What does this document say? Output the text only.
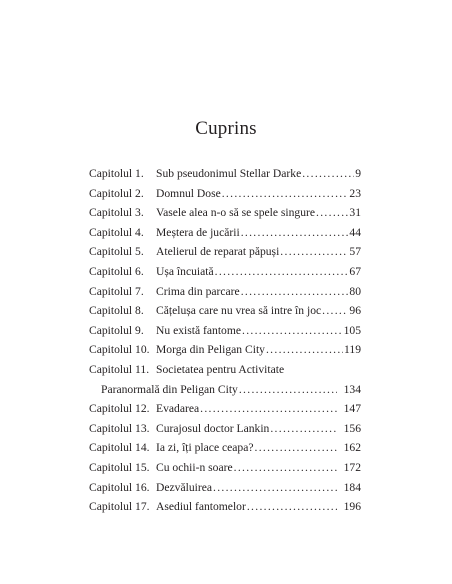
Cuprins
Capitolul 1.	Sub pseudonimul Stellar Darke .....	9
Capitolul 2.	Domnul Dose .....	23
Capitolul 3.	Vasele alea n-o să se spele singure .....	31
Capitolul 4.	Meștera de jucării .....	44
Capitolul 5.	Atelierul de reparat păpuși .....	57
Capitolul 6.	Ușa încuiată .....	67
Capitolul 7.	Crima din parcare .....	80
Capitolul 8.	Cățelușa care nu vrea să intre în joc ..... 96
Capitolul 9.	Nu există fantome .....	105
Capitolul 10. Morga din Peligan City .....	119
Capitolul 11. Societatea pentru Activitate
Paranormală din Peligan City .....	134
Capitolul 12. Evadarea .....	147
Capitolul 13. Curajosul doctor Lankin .....	156
Capitolul 14. Ia zi, îți place ceapa? .....	162
Capitolul 15. Cu ochii-n soare .....	172
Capitolul 16. Dezvăluirea .....	184
Capitolul 17. Asediul fantomelor .....	196
